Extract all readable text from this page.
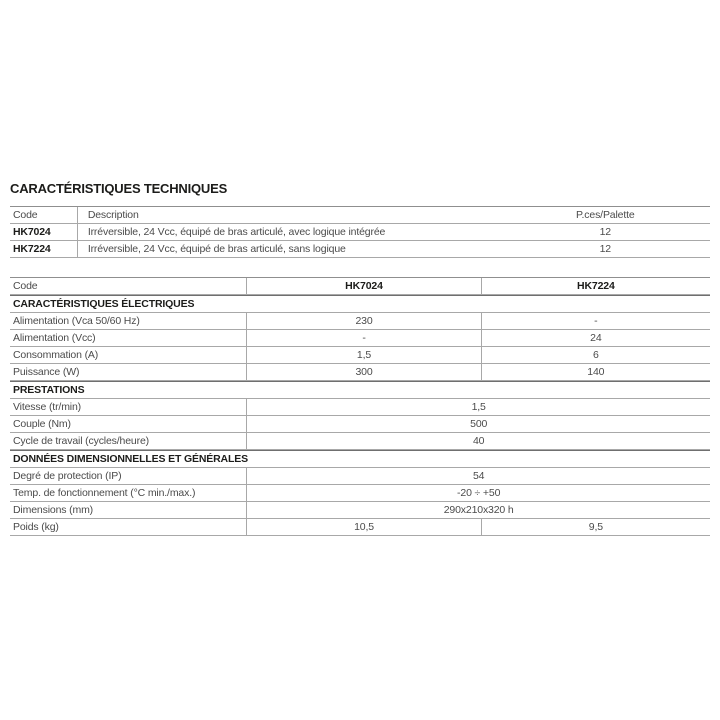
CARACTÉRISTIQUES TECHNIQUES
Code	Description	P.ces/Palette
HK7024	Irréversible, 24 Vcc, équipé de bras articulé, avec logique intégrée	12
HK7224	Irréversible, 24 Vcc, équipé de bras articulé, sans logique	12
Code	HK7024	HK7224
CARACTÉRISTIQUES ÉLECTRIQUES
Alimentation (Vca 50/60 Hz)	230	-
Alimentation (Vcc)	-	24
Consommation (A)	1,5	6
Puissance (W)	300	140
PRESTATIONS
Vitesse (tr/min)	1,5
Couple (Nm)	500
Cycle de travail (cycles/heure)	40
DONNÉES DIMENSIONNELLES ET GÉNÉRALES
Degré de protection (IP)	54
Temp. de fonctionnement (°C min./max.)	-20 ÷ +50
Dimensions (mm)	290x210x320 h
Poids (kg)	10,5	9,5
